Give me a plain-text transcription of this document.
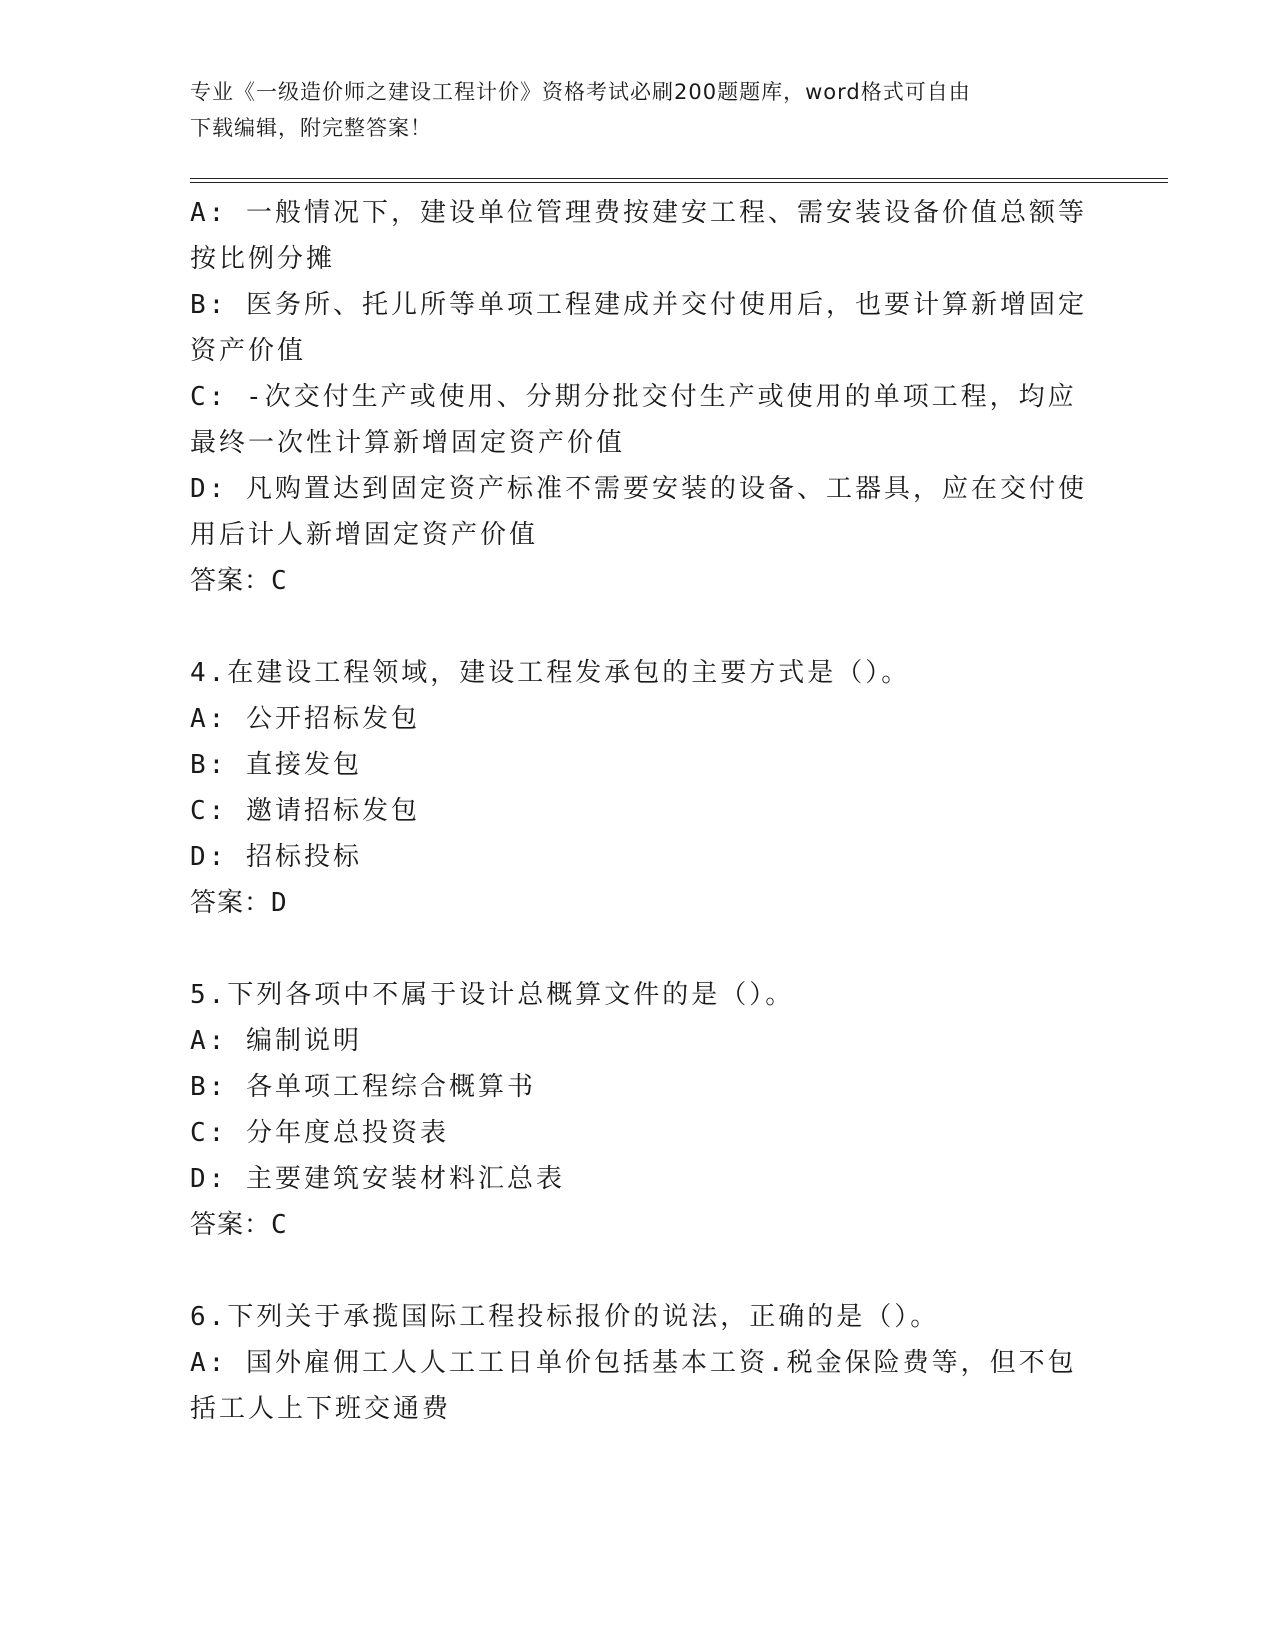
专业《一级造价师之建设工程计价》资格考试必刷200题题库，word格式可自由
下载编辑，附完整答案！
A: 一般情况下，建设单位管理费按建安工程、需安装设备价值总额等
按比例分摊
B: 医务所、托儿所等单项工程建成并交付使用后，也要计算新增固定
资产价值
C: -次交付生产或使用、分期分批交付生产或使用的单项工程，均应
最终一次性计算新增固定资产价值
D: 凡购置达到固定资产标准不需要安装的设备、工器具，应在交付使
用后计人新增固定资产价值
答案：C
4.在建设工程领域，建设工程发承包的主要方式是（）。
A: 公开招标发包
B: 直接发包
C: 邀请招标发包
D: 招标投标
答案：D
5.下列各项中不属于设计总概算文件的是（）。
A: 编制说明
B: 各单项工程综合概算书
C: 分年度总投资表
D: 主要建筑安装材料汇总表
答案：C
6.下列关于承揽国际工程投标报价的说法，正确的是（）。
A: 国外雇佣工人人工工日单价包括基本工资.税金保险费等，但不包
括工人上下班交通费
